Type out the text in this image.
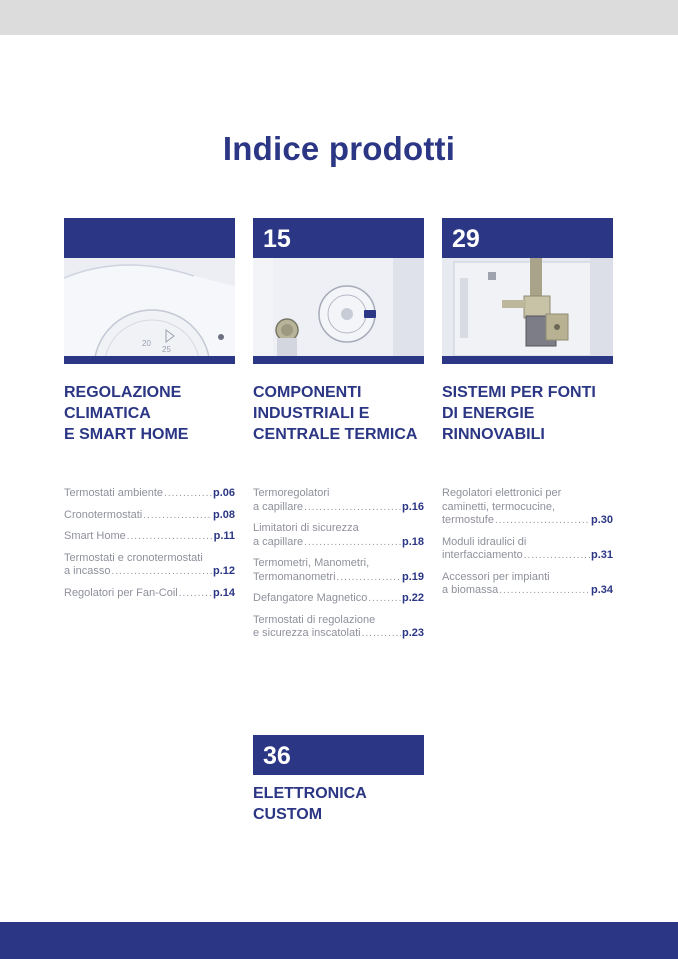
Indice prodotti
20
25
REGOLAZIONE
CLIMATICA
E SMART HOME
Termostati ambiente .....	p.06
Cronotermostati .....	p.08
Smart Home .....	p.11
Termostati e cronotermostati
a incasso .....	p.12
Regolatori per Fan-Coil .....	p.14
15
COMPONENTI
INDUSTRIALI E
CENTRALE TERMICA
Termoregolatori
a capillare .....	p.16
Limitatori di sicurezza
a capillare .....	p.18
Termometri, Manometri,
Termomanometri .....	p.19
Defangatore Magnetico .....	p.22
Termostati di regolazione
e sicurezza inscatolati .....	p.23
29
SISTEMI PER FONTI
DI ENERGIE
RINNOVABILI
Regolatori elettronici per
caminetti, termocucine,
termostufe .....	p.30
Moduli idraulici di
interfacciamento .....	p.31
Accessori per impianti
a biomassa .....	p.34
36
ELETTRONICA
CUSTOM
